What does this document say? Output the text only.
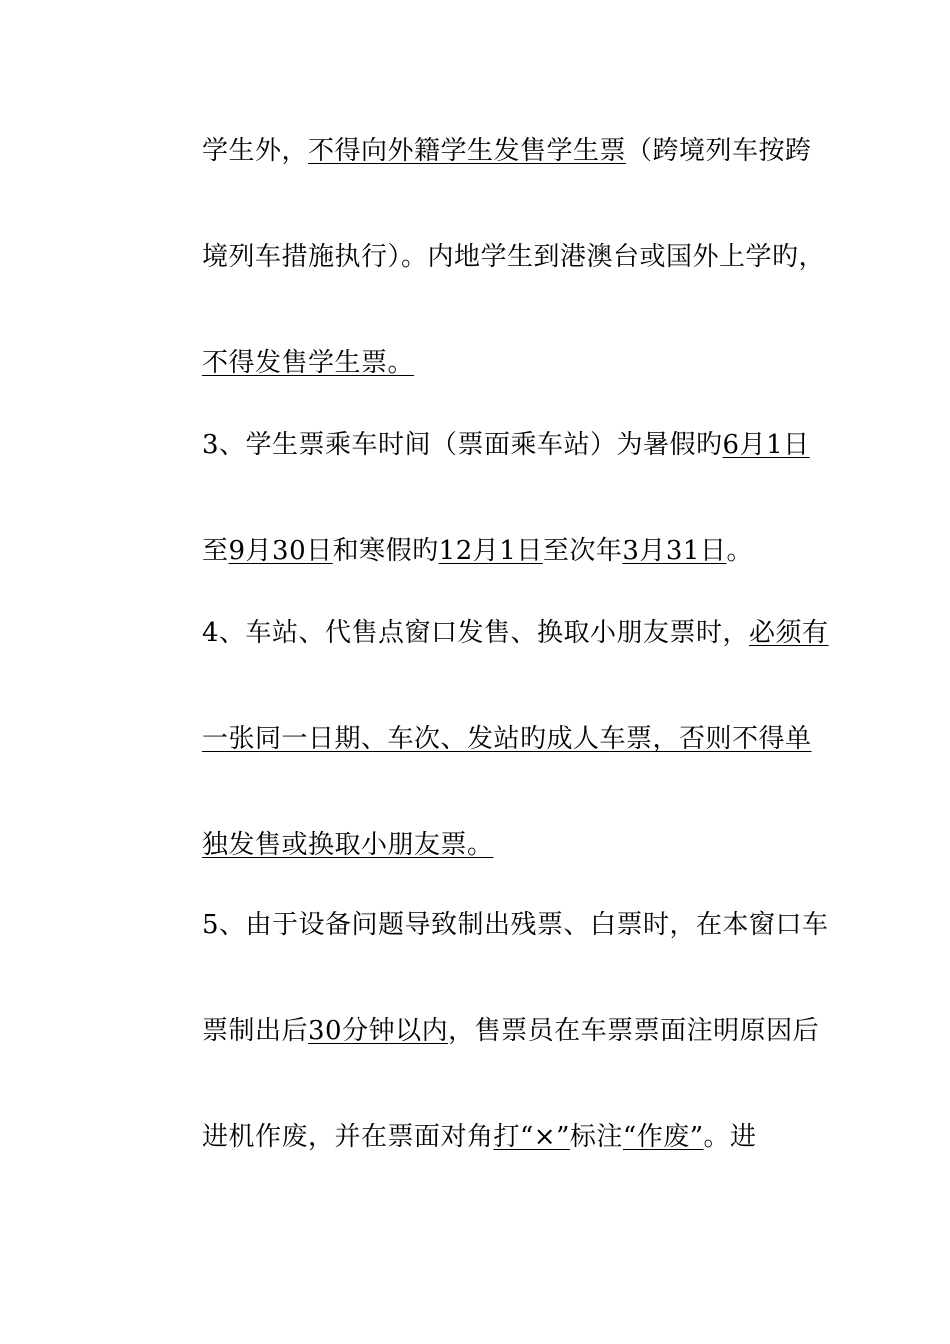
学生外，不得向外籍学生发售学生票（跨境列车按跨
境列车措施执行）。内地学生到港澳台或国外上学旳，
不得发售学生票。
3、学生票乘车时间（票面乘车站）为暑假旳6月1日
至9月30日和寒假旳12月1日至次年3月31日。
4、车站、代售点窗口发售、换取小朋友票时，必须有
一张同一日期、车次、发站旳成人车票，否则不得单
独发售或换取小朋友票。
5、由于设备问题导致制出残票、白票时，在本窗口车
票制出后30分钟以内，售票员在车票票面注明原因后
进机作废，并在票面对角打“×”标注“作废”。进
